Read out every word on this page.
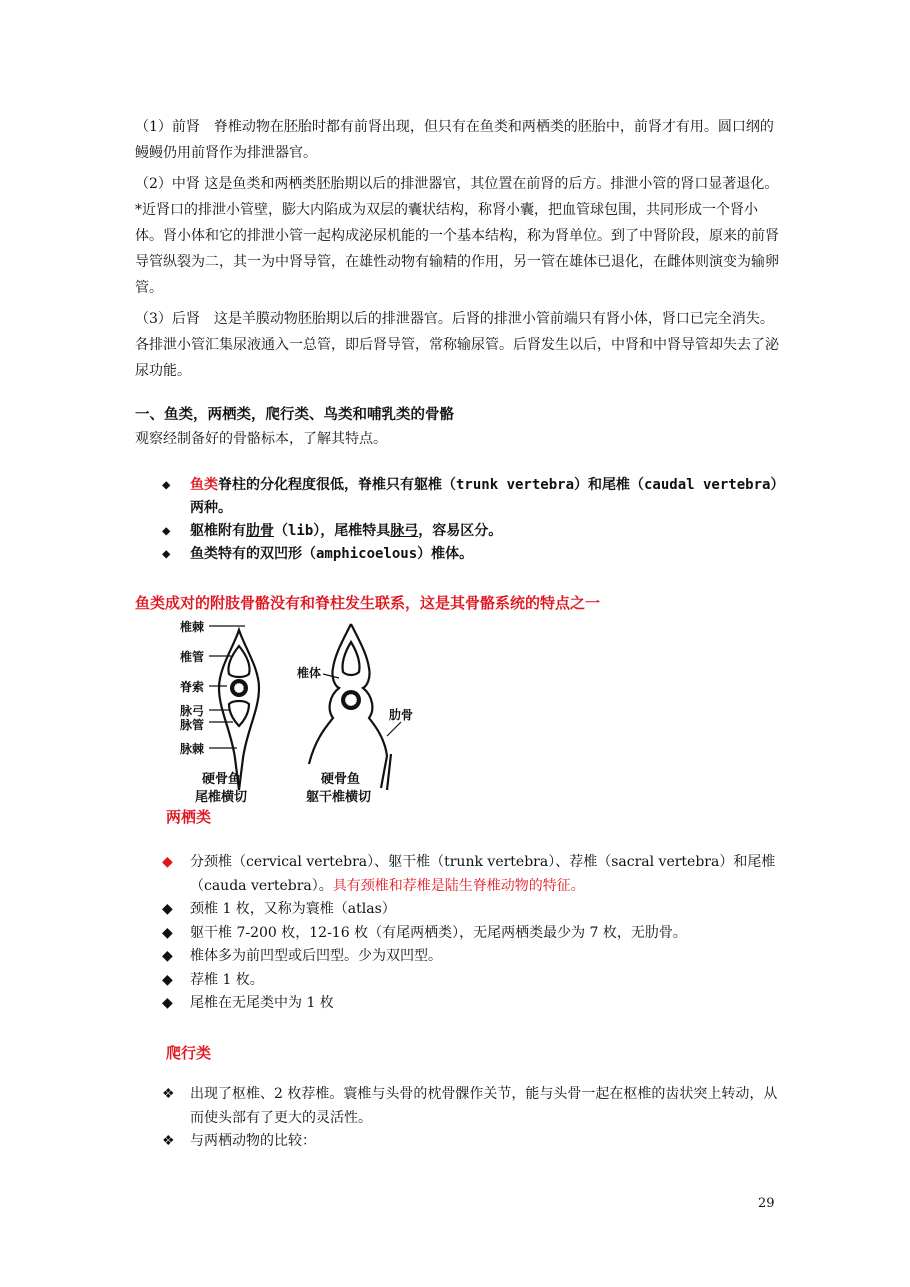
（1）前肾　脊椎动物在胚胎时都有前肾出现，但只有在鱼类和两栖类的胚胎中，前肾才有用。圆口纲的鳗鳗仍用前肾作为排泄器官。

（2）中肾 这是鱼类和两栖类胚胎期以后的排泄器官，其位置在前肾的后方。排泄小管的肾口显著退化。*近肾口的排泄小管壁，膨大内陷成为双层的囊状结构，称肾小囊，把血管球包围，共同形成一个肾小体。肾小体和它的排泄小管一起构成泌尿机能的一个基本结构，称为肾单位。到了中肾阶段，原来的前肾导管纵裂为二，其一为中肾导管，在雄性动物有输精的作用，另一管在雄体已退化，在雌体则演变为输卵管。

（3）后肾　这是羊膜动物胚胎期以后的排泄器官。后肾的排泄小管前端只有肾小体，肾口已完全消失。各排泄小管汇集尿液通入一总管，即后肾导管，常称输尿管。后肾发生以后，中肾和中肾导管却失去了泌尿功能。

一、鱼类，两栖类，爬行类、鸟类和哺乳类的骨骼

观察经制备好的骨骼标本，了解其特点。

◆ 鱼类脊柱的分化程度很低，脊椎只有躯椎（trunk vertebra）和尾椎（caudal vertebra）两种。
◆ 躯椎附有肋骨（lib），尾椎特具脉弓，容易区分。
◆ 鱼类特有的双凹形（amphicoelous）椎体。
鱼类成对的附肢骨骼没有和脊柱发生联系，这是其骨骼系统的特点之一
椎棘
椎管
脊索
脉弓
脉管
脉棘
椎体
肋骨
硬骨鱼
尾椎横切
硬骨鱼
躯干椎横切
两栖类
◆ 分颈椎（cervical vertebra）、躯干椎（trunk vertebra）、荐椎（sacral vertebra）和尾椎（cauda vertebra）。具有颈椎和荐椎是陆生脊椎动物的特征。
◆ 颈椎 1 枚，又称为寰椎（atlas）
◆ 躯干椎 7-200 枚，12-16 枚（有尾两栖类），无尾两栖类最少为 7 枚，无肋骨。
◆ 椎体多为前凹型或后凹型。少为双凹型。
◆ 荐椎 1 枚。
◆ 尾椎在无尾类中为 1 枚
爬行类
❖ 出现了枢椎、2 枚荐椎。寰椎与头骨的枕骨髁作关节，能与头骨一起在枢椎的齿状突上转动，从而使头部有了更大的灵活性。
❖ 与两栖动物的比较：
29
